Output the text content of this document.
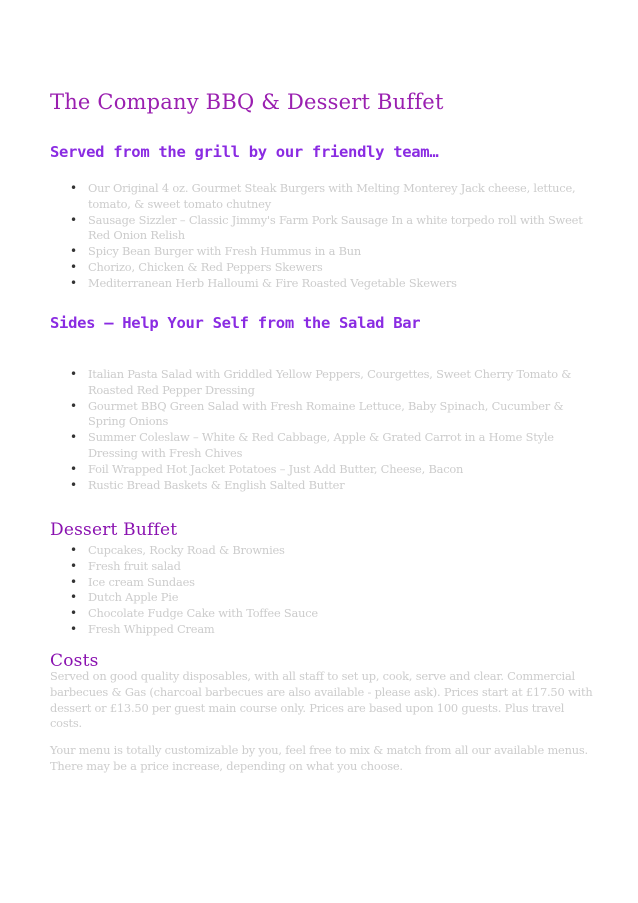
The Company BBQ & Dessert Buffet
Served from the grill by our friendly team…
• Our Original 4 oz. Gourmet Steak Burgers with Melting Monterey Jack cheese, lettuce, tomato, & sweet tomato chutney
• Sausage Sizzler – Classic Jimmy's Farm Pork Sausage In a white torpedo roll with Sweet Red Onion Relish
• Spicy Bean Burger with Fresh Hummus in a Bun
• Chorizo, Chicken & Red Peppers Skewers
• Mediterranean Herb Halloumi & Fire Roasted Vegetable Skewers
Sides – Help Your Self from the Salad Bar
• Italian Pasta Salad with Griddled Yellow Peppers, Courgettes, Sweet Cherry Tomato & Roasted Red Pepper Dressing
• Gourmet BBQ Green Salad with Fresh Romaine Lettuce, Baby Spinach, Cucumber & Spring Onions
• Summer Coleslaw – White & Red Cabbage, Apple & Grated Carrot in a Home Style Dressing with Fresh Chives
• Foil Wrapped Hot Jacket Potatoes – Just Add Butter, Cheese, Bacon
• Rustic Bread Baskets & English Salted Butter
Dessert Buffet
• Cupcakes, Rocky Road & Brownies
• Fresh fruit salad
• Ice cream Sundaes
• Dutch Apple Pie
• Chocolate Fudge Cake with Toffee Sauce
• Fresh Whipped Cream
Costs
Served on good quality disposables, with all staff to set up, cook, serve and clear. Commercial barbecues & Gas (charcoal barbecues are also available - please ask). Prices start at £17.50 with dessert or £13.50 per guest main course only. Prices are based upon 100 guests. Plus travel costs.
Your menu is totally customizable by you, feel free to mix & match from all our available menus. There may be a price increase, depending on what you choose.
